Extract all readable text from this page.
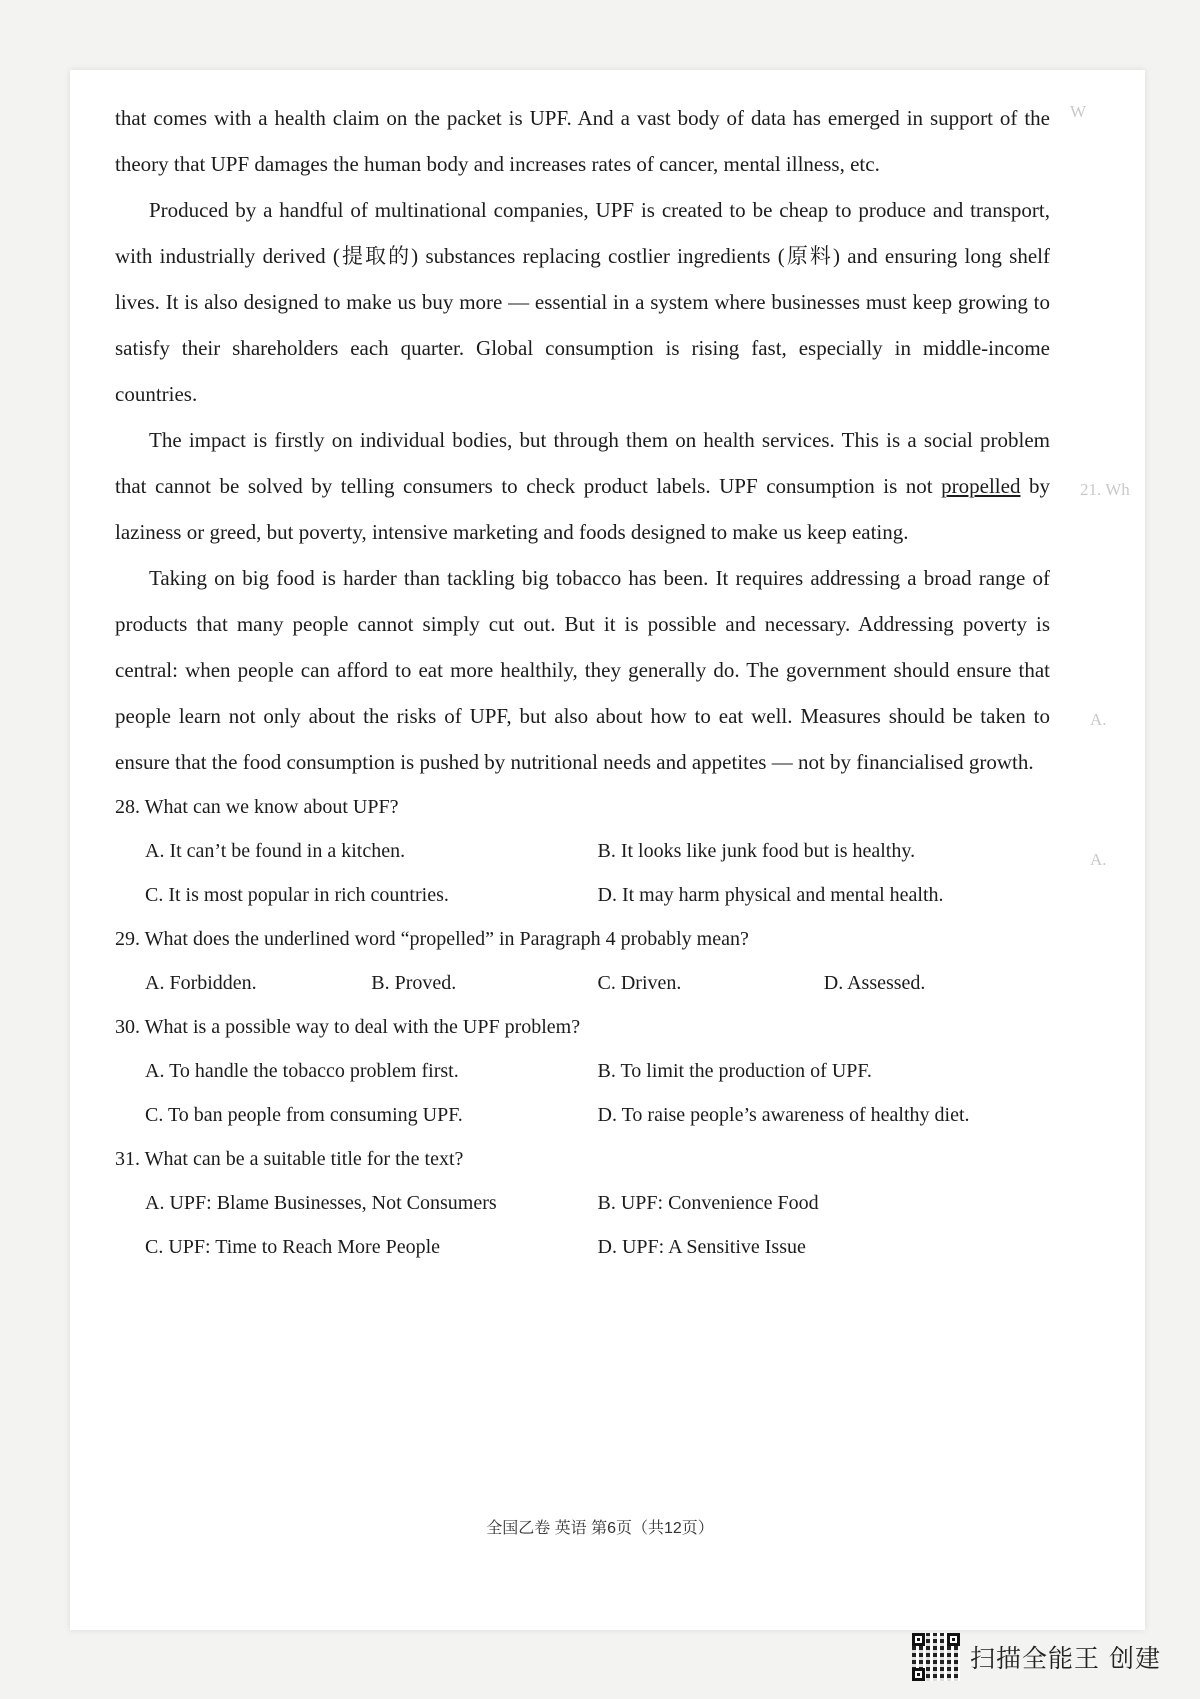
W
21. Wh
A.
A.

that comes with a health claim on the packet is UPF. And a vast body of data has emerged in support of the theory that UPF damages the human body and increases rates of cancer, mental illness, etc.

Produced by a handful of multinational companies, UPF is created to be cheap to produce and transport, with industrially derived (提取的) substances replacing costlier ingredients (原料) and ensuring long shelf lives. It is also designed to make us buy more — essential in a system where businesses must keep growing to satisfy their shareholders each quarter. Global consumption is rising fast, especially in middle-income countries.

The impact is firstly on individual bodies, but through them on health services. This is a social problem that cannot be solved by telling consumers to check product labels. UPF consumption is not propelled by laziness or greed, but poverty, intensive marketing and foods designed to make us keep eating.

Taking on big food is harder than tackling big tobacco has been. It requires addressing a broad range of products that many people cannot simply cut out. But it is possible and necessary. Addressing poverty is central: when people can afford to eat more healthily, they generally do. The government should ensure that people learn not only about the risks of UPF, but also about how to eat well. Measures should be taken to ensure that the food consumption is pushed by nutritional needs and appetites — not by financialised growth.

28. What can we know about UPF?

A. It can’t be found in a kitchen.	B. It looks like junk food but is healthy.
C. It is most popular in rich countries.	D. It may harm physical and mental health.

29. What does the underlined word “propelled” in Paragraph 4 probably mean?

A. Forbidden.	B. Proved.	C. Driven.	D. Assessed.

30. What is a possible way to deal with the UPF problem?

A. To handle the tobacco problem first.	B. To limit the production of UPF.
C. To ban people from consuming UPF.	D. To raise people’s awareness of healthy diet.

31. What can be a suitable title for the text?

A. UPF: Blame Businesses, Not Consumers	B. UPF: Convenience Food
C. UPF: Time to Reach More People	D. UPF: A Sensitive Issue
全国乙卷 英语 第6页（共12页）
扫描全能王 创建
